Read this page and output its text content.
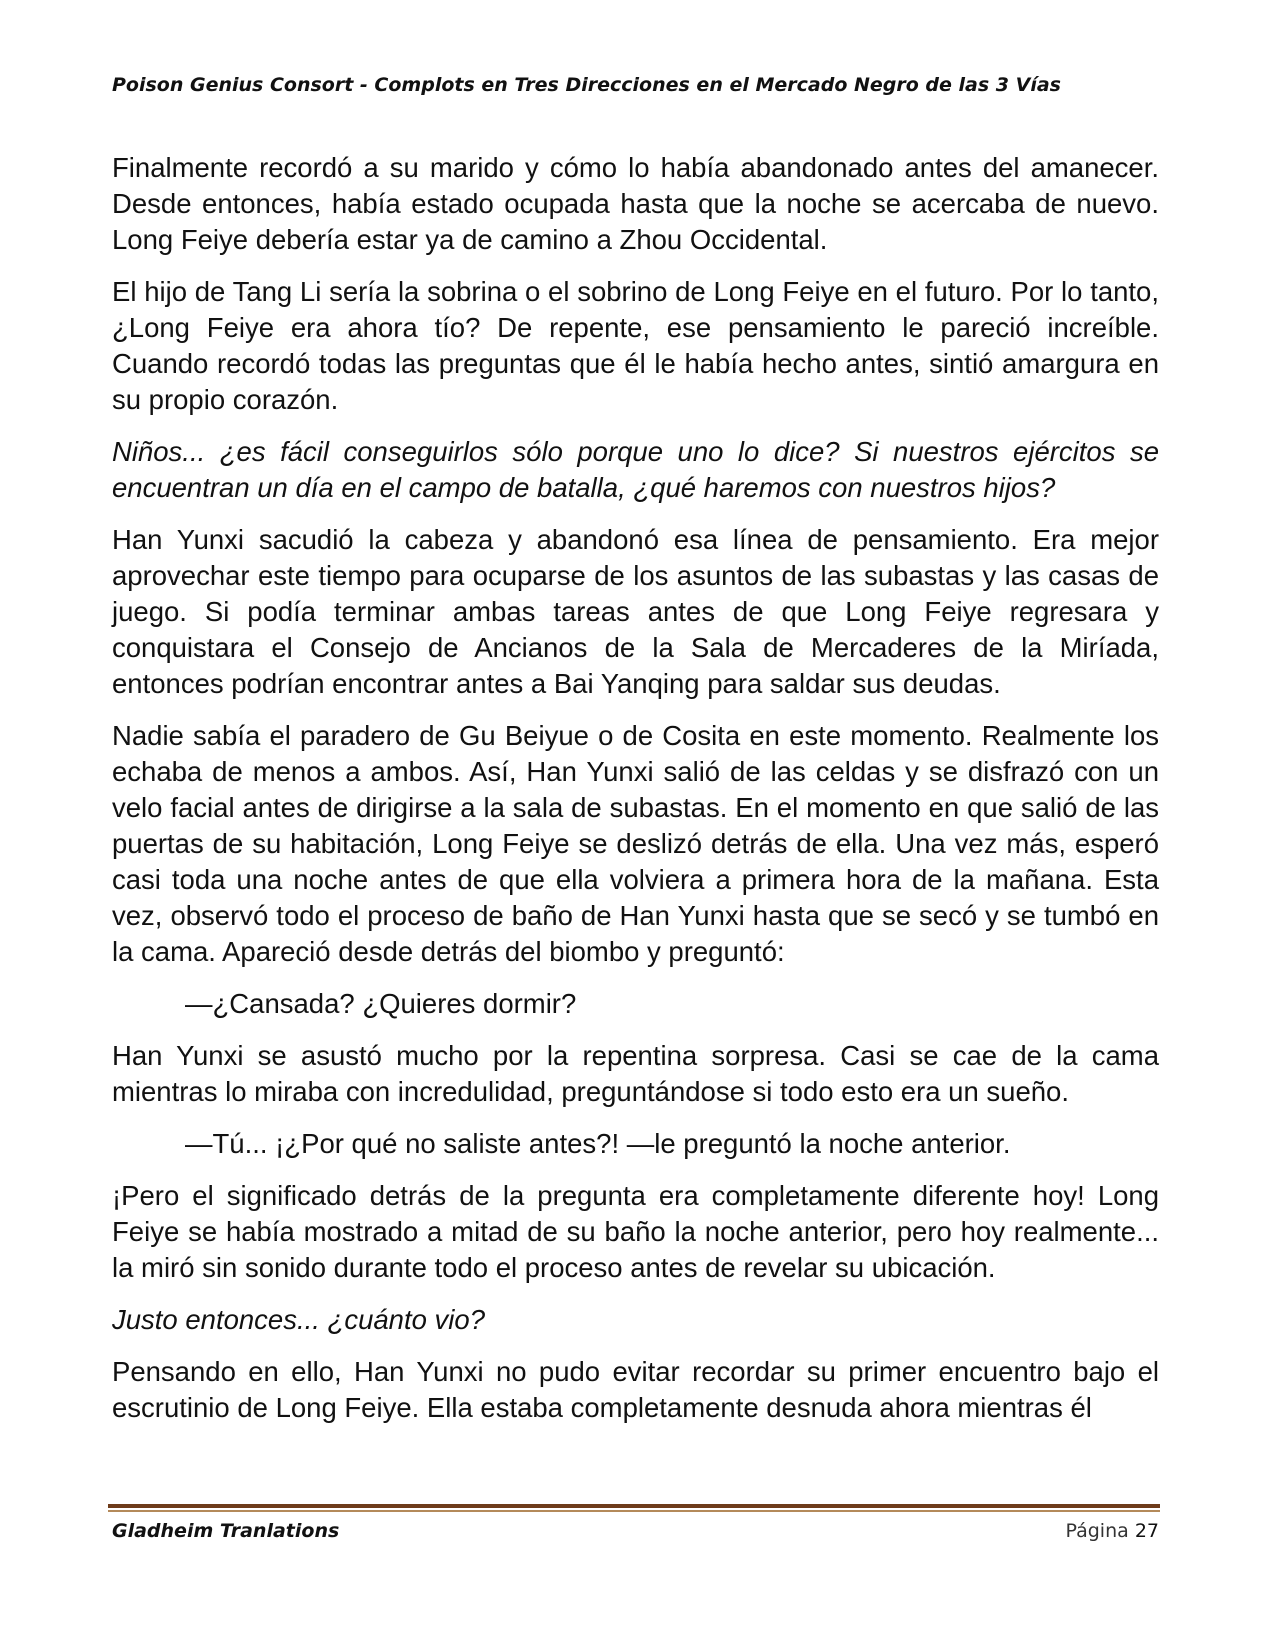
Poison Genius Consort - Complots en Tres Direcciones en el Mercado Negro de las 3 Vías

Finalmente recordó a su marido y cómo lo había abandonado antes del amanecer. Desde entonces, había estado ocupada hasta que la noche se acercaba de nuevo. Long Feiye debería estar ya de camino a Zhou Occidental.

El hijo de Tang Li sería la sobrina o el sobrino de Long Feiye en el futuro. Por lo tanto, ¿Long Feiye era ahora tío? De repente, ese pensamiento le pareció increíble. Cuando recordó todas las preguntas que él le había hecho antes, sintió amargura en su propio corazón.

Niños... ¿es fácil conseguirlos sólo porque uno lo dice? Si nuestros ejércitos se encuentran un día en el campo de batalla, ¿qué haremos con nuestros hijos?

Han Yunxi sacudió la cabeza y abandonó esa línea de pensamiento. Era mejor aprovechar este tiempo para ocuparse de los asuntos de las subastas y las casas de juego. Si podía terminar ambas tareas antes de que Long Feiye regresara y conquistara el Consejo de Ancianos de la Sala de Mercaderes de la Miríada, entonces podrían encontrar antes a Bai Yanqing para saldar sus deudas.

Nadie sabía el paradero de Gu Beiyue o de Cosita en este momento. Realmente los echaba de menos a ambos. Así, Han Yunxi salió de las celdas y se disfrazó con un velo facial antes de dirigirse a la sala de subastas. En el momento en que salió de las puertas de su habitación, Long Feiye se deslizó detrás de ella. Una vez más, esperó casi toda una noche antes de que ella volviera a primera hora de la mañana. Esta vez, observó todo el proceso de baño de Han Yunxi hasta que se secó y se tumbó en la cama. Apareció desde detrás del biombo y preguntó:

—¿Cansada? ¿Quieres dormir?

Han Yunxi se asustó mucho por la repentina sorpresa. Casi se cae de la cama mientras lo miraba con incredulidad, preguntándose si todo esto era un sueño.

—Tú... ¡¿Por qué no saliste antes?! —le preguntó la noche anterior.

¡Pero el significado detrás de la pregunta era completamente diferente hoy! Long Feiye se había mostrado a mitad de su baño la noche anterior, pero hoy realmente... la miró sin sonido durante todo el proceso antes de revelar su ubicación.

Justo entonces... ¿cuánto vio?

Pensando en ello, Han Yunxi no pudo evitar recordar su primer encuentro bajo el escrutinio de Long Feiye. Ella estaba completamente desnuda ahora mientras él

Gladheim Tranlations	Página 27
